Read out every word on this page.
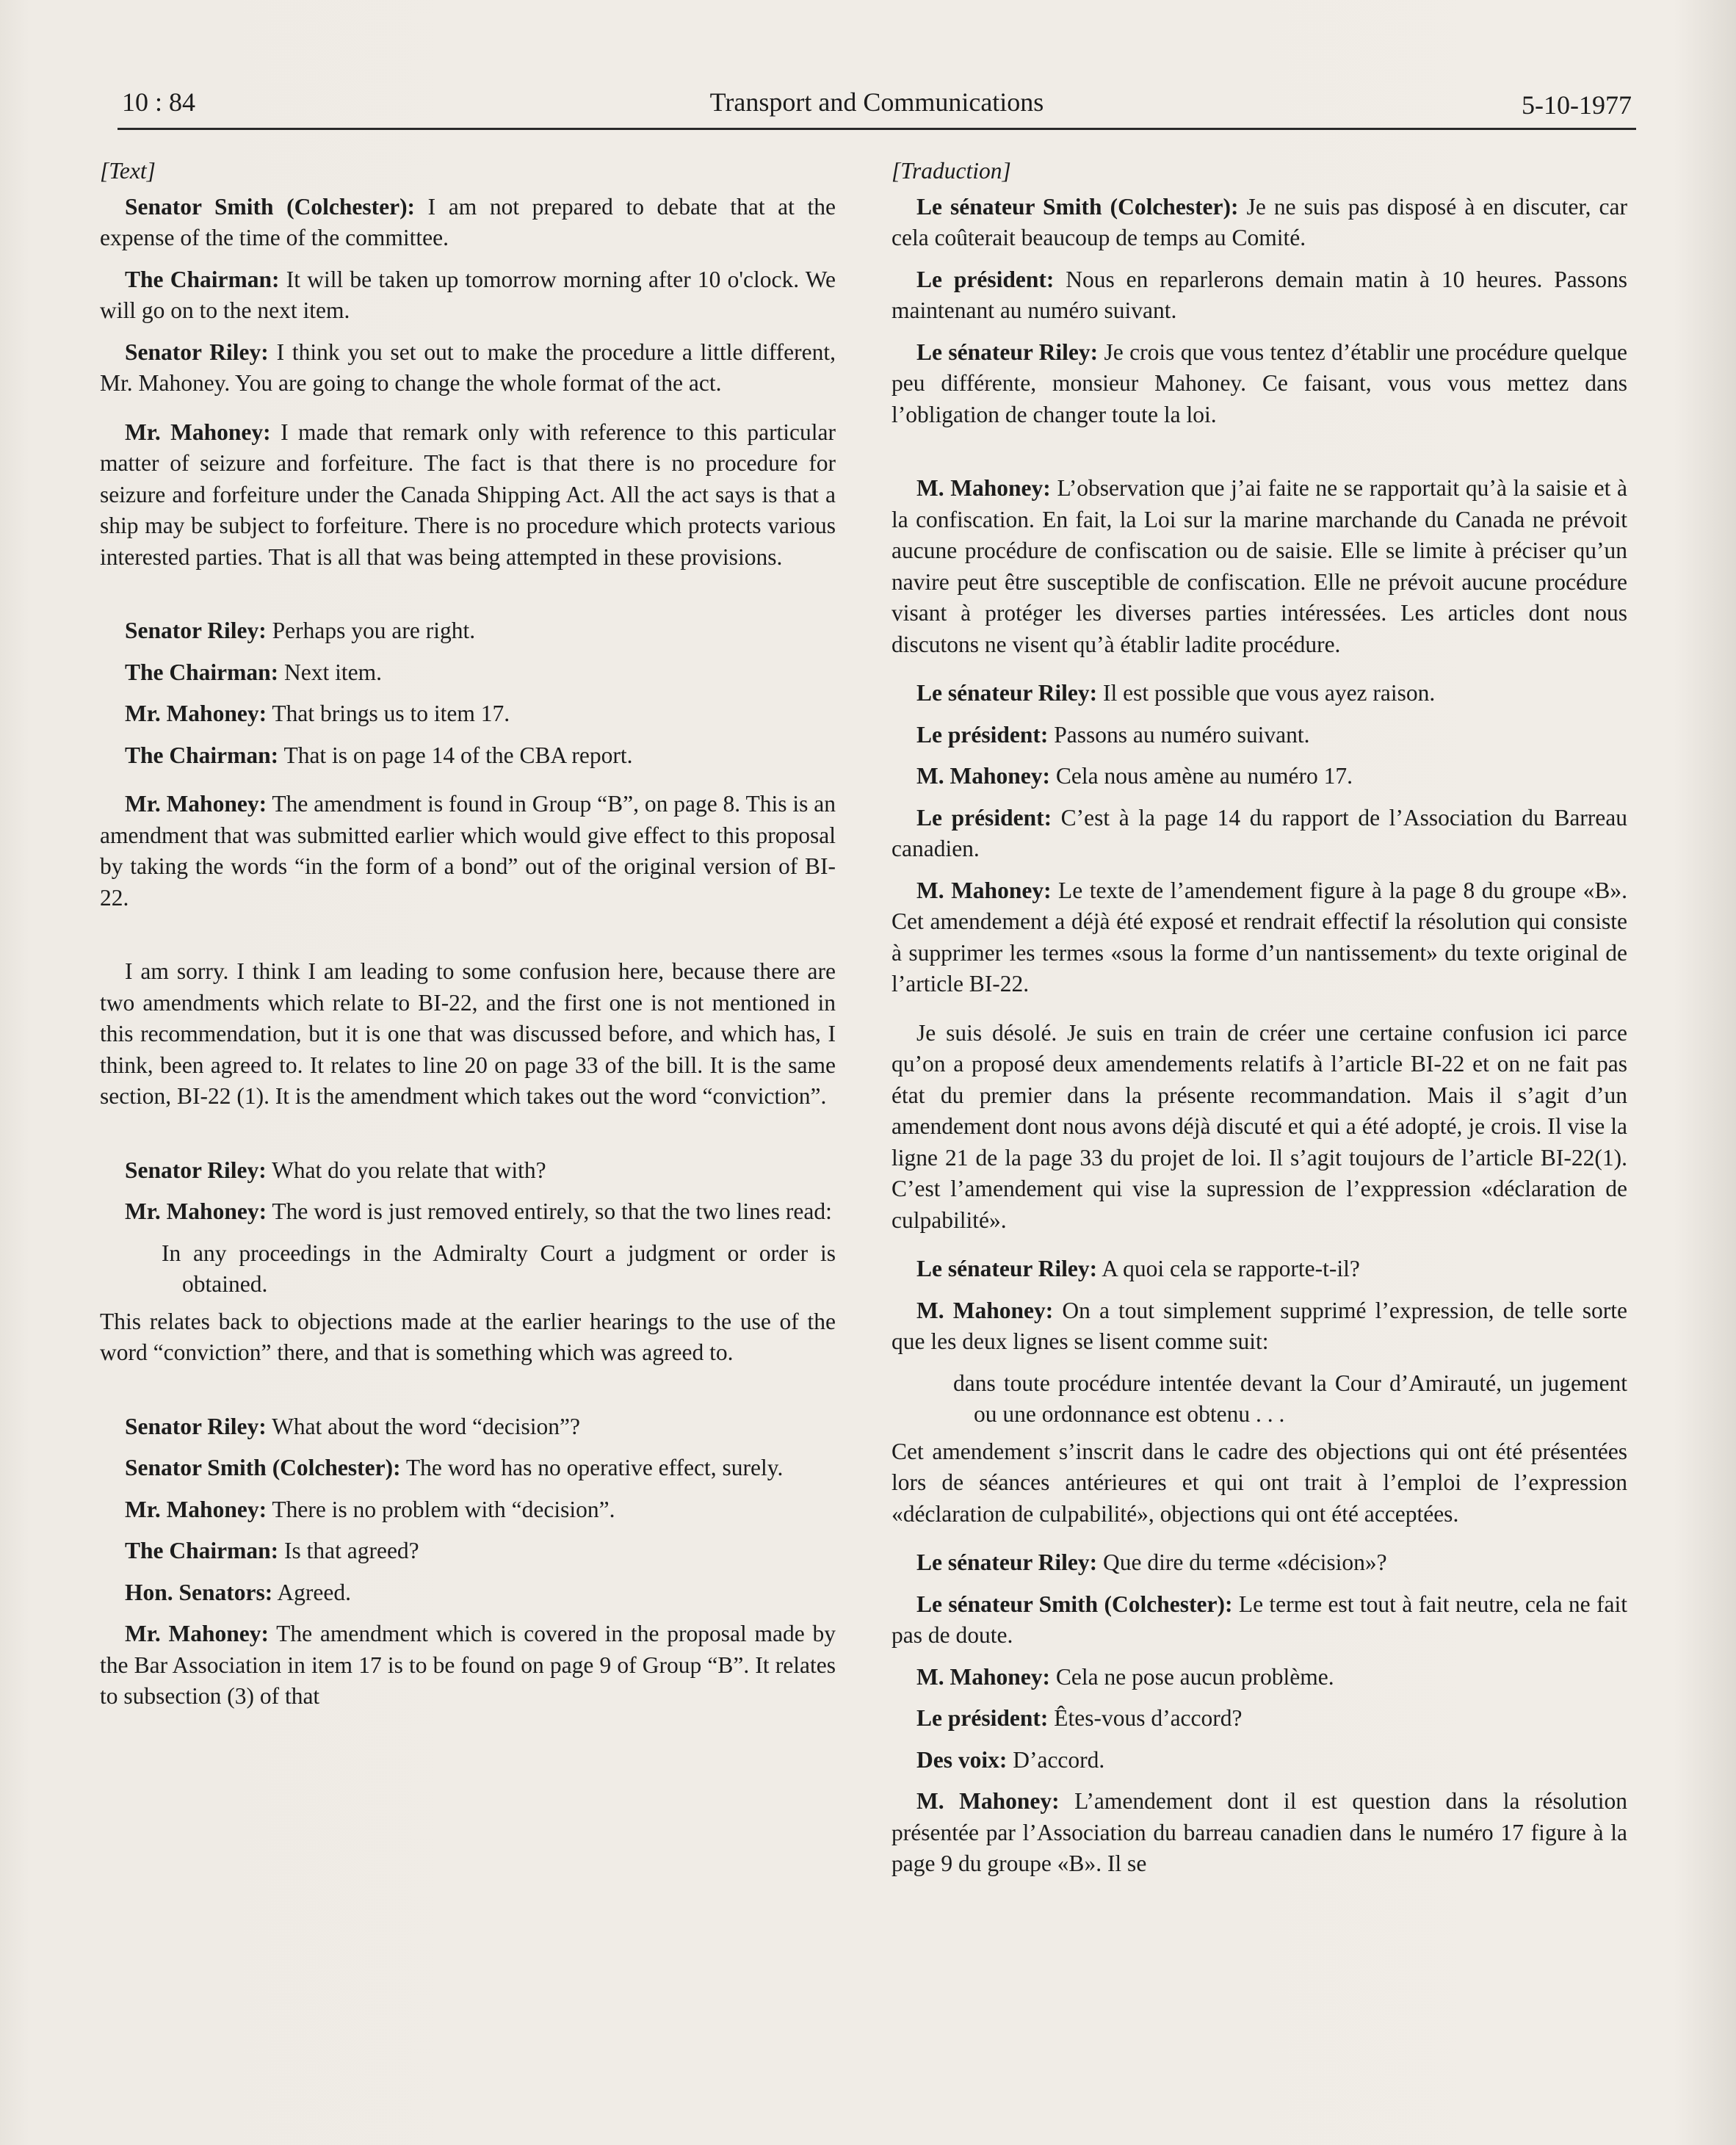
10 : 84	Transport and Communications	5-10-1977

[Text]

Senator Smith (Colchester): I am not prepared to debate that at the expense of the time of the committee.

The Chairman: It will be taken up tomorrow morning after 10 o'clock. We will go on to the next item.

Senator Riley: I think you set out to make the procedure a little different, Mr. Mahoney. You are going to change the whole format of the act.

Mr. Mahoney: I made that remark only with reference to this particular matter of seizure and forfeiture. The fact is that there is no procedure for seizure and forfeiture under the Canada Shipping Act. All the act says is that a ship may be subject to forfeiture. There is no procedure which protects various interested parties. That is all that was being attempted in these provisions.

Senator Riley: Perhaps you are right.

The Chairman: Next item.

Mr. Mahoney: That brings us to item 17.

The Chairman: That is on page 14 of the CBA report.

Mr. Mahoney: The amendment is found in Group “B”, on page 8. This is an amendment that was submitted earlier which would give effect to this proposal by taking the words “in the form of a bond” out of the original version of BI-22.

I am sorry. I think I am leading to some confusion here, because there are two amendments which relate to BI-22, and the first one is not mentioned in this recommendation, but it is one that was discussed before, and which has, I think, been agreed to. It relates to line 20 on page 33 of the bill. It is the same section, BI-22 (1). It is the amendment which takes out the word “conviction”.

Senator Riley: What do you relate that with?

Mr. Mahoney: The word is just removed entirely, so that the two lines read:

In any proceedings in the Admiralty Court a judgment or order is obtained.

This relates back to objections made at the earlier hearings to the use of the word “conviction” there, and that is something which was agreed to.

Senator Riley: What about the word “decision”?

Senator Smith (Colchester): The word has no operative effect, surely.

Mr. Mahoney: There is no problem with “decision”.

The Chairman: Is that agreed?

Hon. Senators: Agreed.

Mr. Mahoney: The amendment which is covered in the proposal made by the Bar Association in item 17 is to be found on page 9 of Group “B”. It relates to subsection (3) of that

[Traduction]

Le sénateur Smith (Colchester): Je ne suis pas disposé à en discuter, car cela coûterait beaucoup de temps au Comité.

Le président: Nous en reparlerons demain matin à 10 heures. Passons maintenant au numéro suivant.

Le sénateur Riley: Je crois que vous tentez d’établir une procédure quelque peu différente, monsieur Mahoney. Ce faisant, vous vous mettez dans l’obligation de changer toute la loi.

M. Mahoney: L’observation que j’ai faite ne se rapportait qu’à la saisie et à la confiscation. En fait, la Loi sur la marine marchande du Canada ne prévoit aucune procédure de confiscation ou de saisie. Elle se limite à préciser qu’un navire peut être susceptible de confiscation. Elle ne prévoit aucune procédure visant à protéger les diverses parties intéressées. Les articles dont nous discutons ne visent qu’à établir ladite procédure.

Le sénateur Riley: Il est possible que vous ayez raison.

Le président: Passons au numéro suivant.

M. Mahoney: Cela nous amène au numéro 17.

Le président: C’est à la page 14 du rapport de l’Association du Barreau canadien.

M. Mahoney: Le texte de l’amendement figure à la page 8 du groupe «B». Cet amendement a déjà été exposé et rendrait effectif la résolution qui consiste à supprimer les termes «sous la forme d’un nantissement» du texte original de l’article BI-22.

Je suis désolé. Je suis en train de créer une certaine confusion ici parce qu’on a proposé deux amendements relatifs à l’article BI-22 et on ne fait pas état du premier dans la présente recommandation. Mais il s’agit d’un amendement dont nous avons déjà discuté et qui a été adopté, je crois. Il vise la ligne 21 de la page 33 du projet de loi. Il s’agit toujours de l’article BI-22(1). C’est l’amendement qui vise la supression de l’exppression «déclaration de culpabilité».

Le sénateur Riley: A quoi cela se rapporte-t-il?

M. Mahoney: On a tout simplement supprimé l’expression, de telle sorte que les deux lignes se lisent comme suit:

dans toute procédure intentée devant la Cour d’Amirauté, un jugement ou une ordonnance est obtenu . . .

Cet amendement s’inscrit dans le cadre des objections qui ont été présentées lors de séances antérieures et qui ont trait à l’emploi de l’expression «déclaration de culpabilité», objections qui ont été acceptées.

Le sénateur Riley: Que dire du terme «décision»?

Le sénateur Smith (Colchester): Le terme est tout à fait neutre, cela ne fait pas de doute.

M. Mahoney: Cela ne pose aucun problème.

Le président: Êtes-vous d’accord?

Des voix: D’accord.

M. Mahoney: L’amendement dont il est question dans la résolution présentée par l’Association du barreau canadien dans le numéro 17 figure à la page 9 du groupe «B». Il se
